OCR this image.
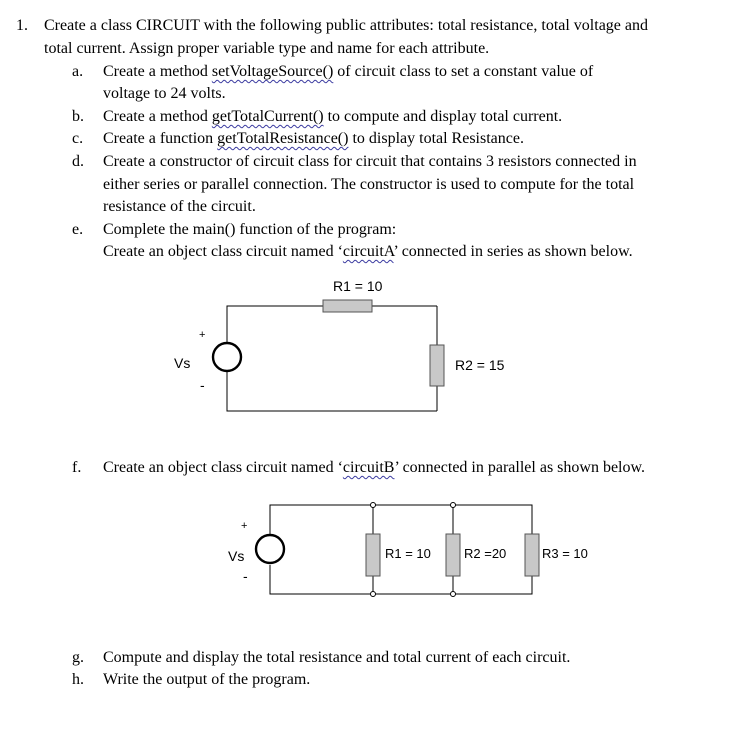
1. Create a class CIRCUIT with the following public attributes: total resistance, total voltage and
total current. Assign proper variable type and name for each attribute.
a. Create a method setVoltageSource() of circuit class to set a constant value of
voltage to 24 volts.
b. Create a method getTotalCurrent() to compute and display total current.
c. Create a function getTotalResistance() to display total Resistance.
d. Create a constructor of circuit class for circuit that contains 3 resistors connected in
either series or parallel connection. The constructor is used to compute for the total
resistance of the circuit.
e. Complete the main() function of the program:
Create an object class circuit named ‘circuitA’ connected in series as shown below.
f. Create an object class circuit named ‘circuitB’ connected in parallel as shown below.
g. Compute and display the total resistance and total current of each circuit.
h. Write the output of the program.
+
Vs
-
R1 = 10
R2 = 15
+
Vs
-
R1 = 10	R2 =20	R3 = 10
